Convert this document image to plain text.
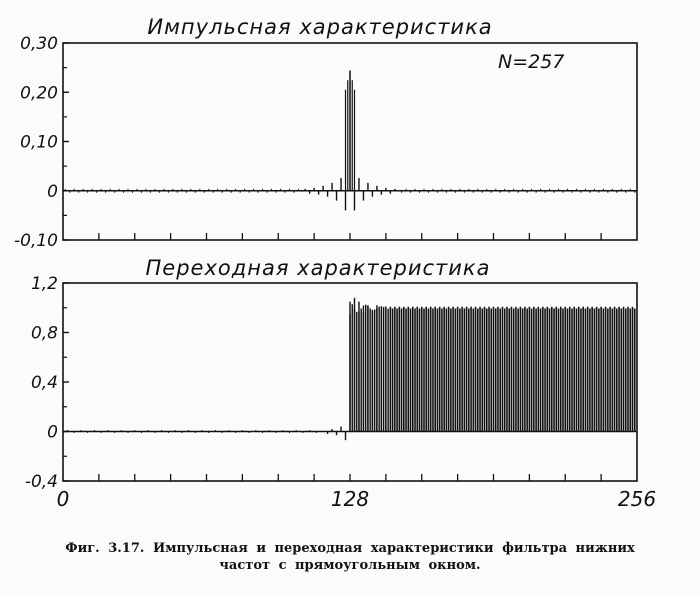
Импульсная характеристика
N=257
0,30
0,20
0,10
0
-0,10
Переходная характеристика
1,2
0,8
0,4
0
-0,4
0	128	256
Фиг. 3.17. Импульсная и переходная характеристики фильтра нижних
частот с прямоугольным окном.
